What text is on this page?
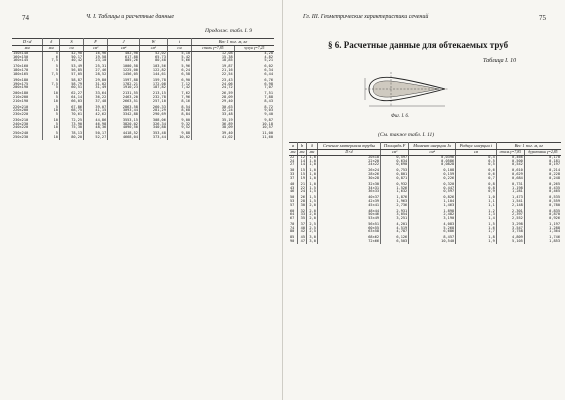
74	Ч. I. Таблицы и расчетные данные
Продолж. табл. I. 9
D×d	δ	S	F	J	W	i	Вес 1 пог. м, кг	
мм	мм	см	см²	см⁴	см³	см	сталь γ=7,85	чугун γ=7,25
150×140	5	42,90	16,96	402,90	52,02	5,10	12,08	4,28
160×150	6	50,17	19,58	617,88	65,73	5,42	15,38	4,82
160×145	7,5	40,42	23,10	805,26	80,48	5,66	18,85	5,21
170×160	5	53,49	25,31	1000,58	103,56	5,96	19,87	6,02
180×170	5	56,85	27,46	1225,00	122,82	6,24	21,16	6,34
180×165	7,5	57,05	28,52	1456,05	144,61	6,58	22,54	6,44
190×180	5	58,87	29,80	1597,88	159,78	6,90	23,43	6,76
190×175	7,5	58,79	31,02	1782,21	172,08	7,12	24,06	6,98
200×190	5	60,51	31,49	1910,23	187,82	7,42	24,72	7,07
200×180	10	62,27	33,64	2131,55	213,15	7,62	26,59	7,51
210×200	5	64,14	36,22	2463,20	232,78	7,96	28,09	7,88
210×190	10	66,03	37,48	2663,51	257,10	8,16	29,40	8,43
220×210	5	67,86	39,07	2863,58	260,33	8,54	30,63	8,72
220×200	10	68,75	41,15	3093,44	281,29	8,68	32,24	9,03
230×220	5	70,61	42,62	3342,88	290,69	8,84	33,48	9,40
230×210	10	72,25	44,86	3553,15	308,06	9,00	35,19	9,87
240×230	5	73,90	46,98	3820,02	326,34	9,32	36,89	10,18
240×220	10	75,30	48,36	4090,50	340,88	9,52	38,09	10,57
250×240	5	78,13	50,17	4418,52	353,48	9,88	39,40	11,00
250×230	10	80,20	52,27	4668,04	373,44	10,02	41,02	11,60
Гл. III. Геометрические характеристики сечений	75
§ 6. Расчетные данные для обтекаемых труб
Таблица I. 10
Фиг. I. 6.
(См. также табл. I. 11)
a	b	δ	Сечение материала трубы	Площадь F	Момент инерции Jx	Радиус инерции i	Вес 1 пог. м, кг	
мм	мм	мм	D×d	см²	см⁴	см	сталь γ=7,85	дуралюмин γ=2,85
22	12	1,0	20×18	0,597	0,0396	0,4	0,466	0,170
24	14	1,0	22×20	0,634	0,0586	0,5	0,500	0,181
27	14	1,0	24×22	0,690	0,0828	0,5	0,542	0,197
30	15	1,0	26×24	0,753	0,108	0,6	0,610	0,214
33	15	1,0	28×26	0,801	0,159	0,6	0,629	0,228
37	19	1,0	30×28	0,871	0,226	0,7	0,684	0,248
40	21	1,0	32×30	0,932	0,320	0,8	0,731	0,265
43	22	1,5	34×31	1,526	0,447	0,8	1,198	0,435
46	24	1,5	36×33	1,632	0,597	0,9	1,281	0,465
50	26	1,5	40×37	1,876	0,826	1,0	1,473	0,535
53	28	1,5	42×39	1,963	1,104	1,1	1,541	0,559
57	30	2,0	45×41	2,736	1,463	1,1	2,148	0,780
60	32	2,0	48×44	2,931	1,898	1,2	2,301	0,835
64	33	2,0	50×46	3,054	2,482	1,3	2,397	0,870
67	35	2,0	53×49	3,251	3,190	1,4	2,552	0,926
70	37	2,5	56×51	4,201	4,083	1,5	3,298	1,197
74	40	2,5	60×55	4,519	5,268	1,6	3,547	1,288
80	42	2,5	63×58	4,787	6,686	1,7	3,758	1,364
85	45	3,0	68×62	6,126	8,457	1,8	4,809	1,746
90	47	3,0	72×66	6,503	10,540	1,9	5,105	1,853
